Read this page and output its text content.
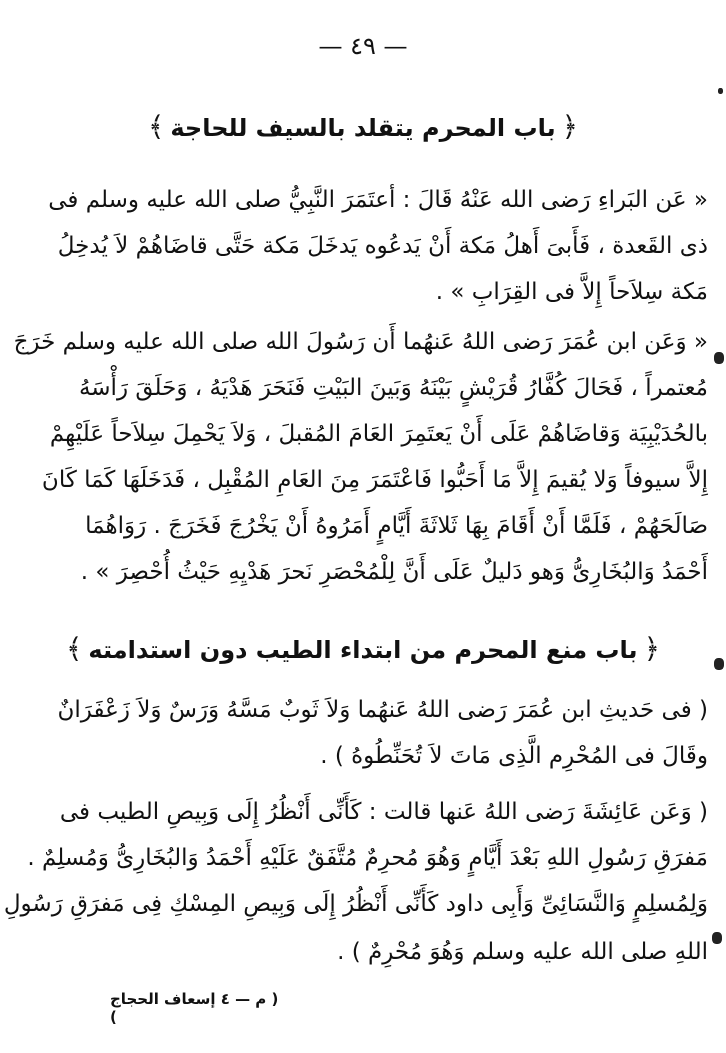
— ٤٩ —
﴿باب المحرم يتقلد بالسيف للحاجة﴾
« عَن البَراءِ رَضى الله عَنْهُ قَالَ : أعتَمَرَ النَّبِيُّ صلى الله عليه وسلم فى
ذى القَعدة ، فَأَبىَ أَهلُ مَكة أَنْ يَدعُوه يَدخَلَ مَكة حَتَّى قاضَاهُمْ لاَ يُدخِلُ
مَكة سِلاَحاً إِلاَّ فى القِرَابِ » .
« وَعَن ابن عُمَرَ رَضى اللهُ عَنهُما أَن رَسُولَ الله صلى الله عليه وسلم خَرَجَ
مُعتمراً ، فَحَالَ كُفَّارُ قُرَيْشٍ بَيْنَهُ وَبَينَ البَيْتِ فَنَحَرَ هَدْيَهُ ، وَحَلَقَ رَأْسَهُ
بالحُدَيْبِيَة وَقاضَاهُمْ عَلَى أَنْ يَعتَمِرَ العَامَ المُقبلَ ، وَلاَ يَحْمِلَ سِلاَحاً عَلَيْهِمْ
إِلاَّ سيوفاً وَلا يُقيمَ إِلاَّ مَا أَحَبُّوا فَاعْتَمَرَ مِنَ العَامِ المُقْبِل ، فَدَخَلَهَا كَمَا كَانَ
صَالَحَهُمْ ، فَلَمَّا أَنْ أَقَامَ بِهَا ثَلاثَةَ أَيَّامٍ أَمَرُوهُ أَنْ يَخْرُجَ فَخَرَجَ . رَوَاهُمَا
أَحْمَدُ وَالبُخَارِىُّ وَهو دَليلٌ عَلَى أَنَّ لِلْمُحْصَرِ نَحرَ هَدْيِهِ حَيْثُ أُحْصِرَ » .
﴿باب منع المحرم من ابتداء الطيب دون استدامته﴾
( فى حَديثِ ابن عُمَرَ رَضى اللهُ عَنهُما وَلاَ ثَوبٌ مَسَّهُ وَرَسٌ وَلاَ زَعْفَرَانٌ
وقَالَ فى المُحْرِم الَّذِى مَاتَ لاَ تُحَنِّطُوهُ ) .
( وَعَن عَائِشَةَ رَضى اللهُ عَنها قالت : كَأَنِّى أَنْظُرُ إِلَى وَبِيصِ الطيب فى
مَفرَقِ رَسُولِ اللهِ بَعْدَ أَيَّامٍ وَهُوَ مُحرِمٌ مُتَّفَقٌ عَلَيْهِ أَحْمَدُ وَالبُخَارِىُّ وَمُسلِمٌ .
وَلِمُسلِمٍ وَالنَّسَائِىِّ وَأَبِى داود كَأَنِّى أَنْظُرُ إِلَى وَبِيصِ المِسْكِ فِى مَفرَقِ رَسُولِ
اللهِ صلى الله عليه وسلم وَهُوَ مُحْرِمٌ ) .
( م — ٤ إسعاف الحجاج )
